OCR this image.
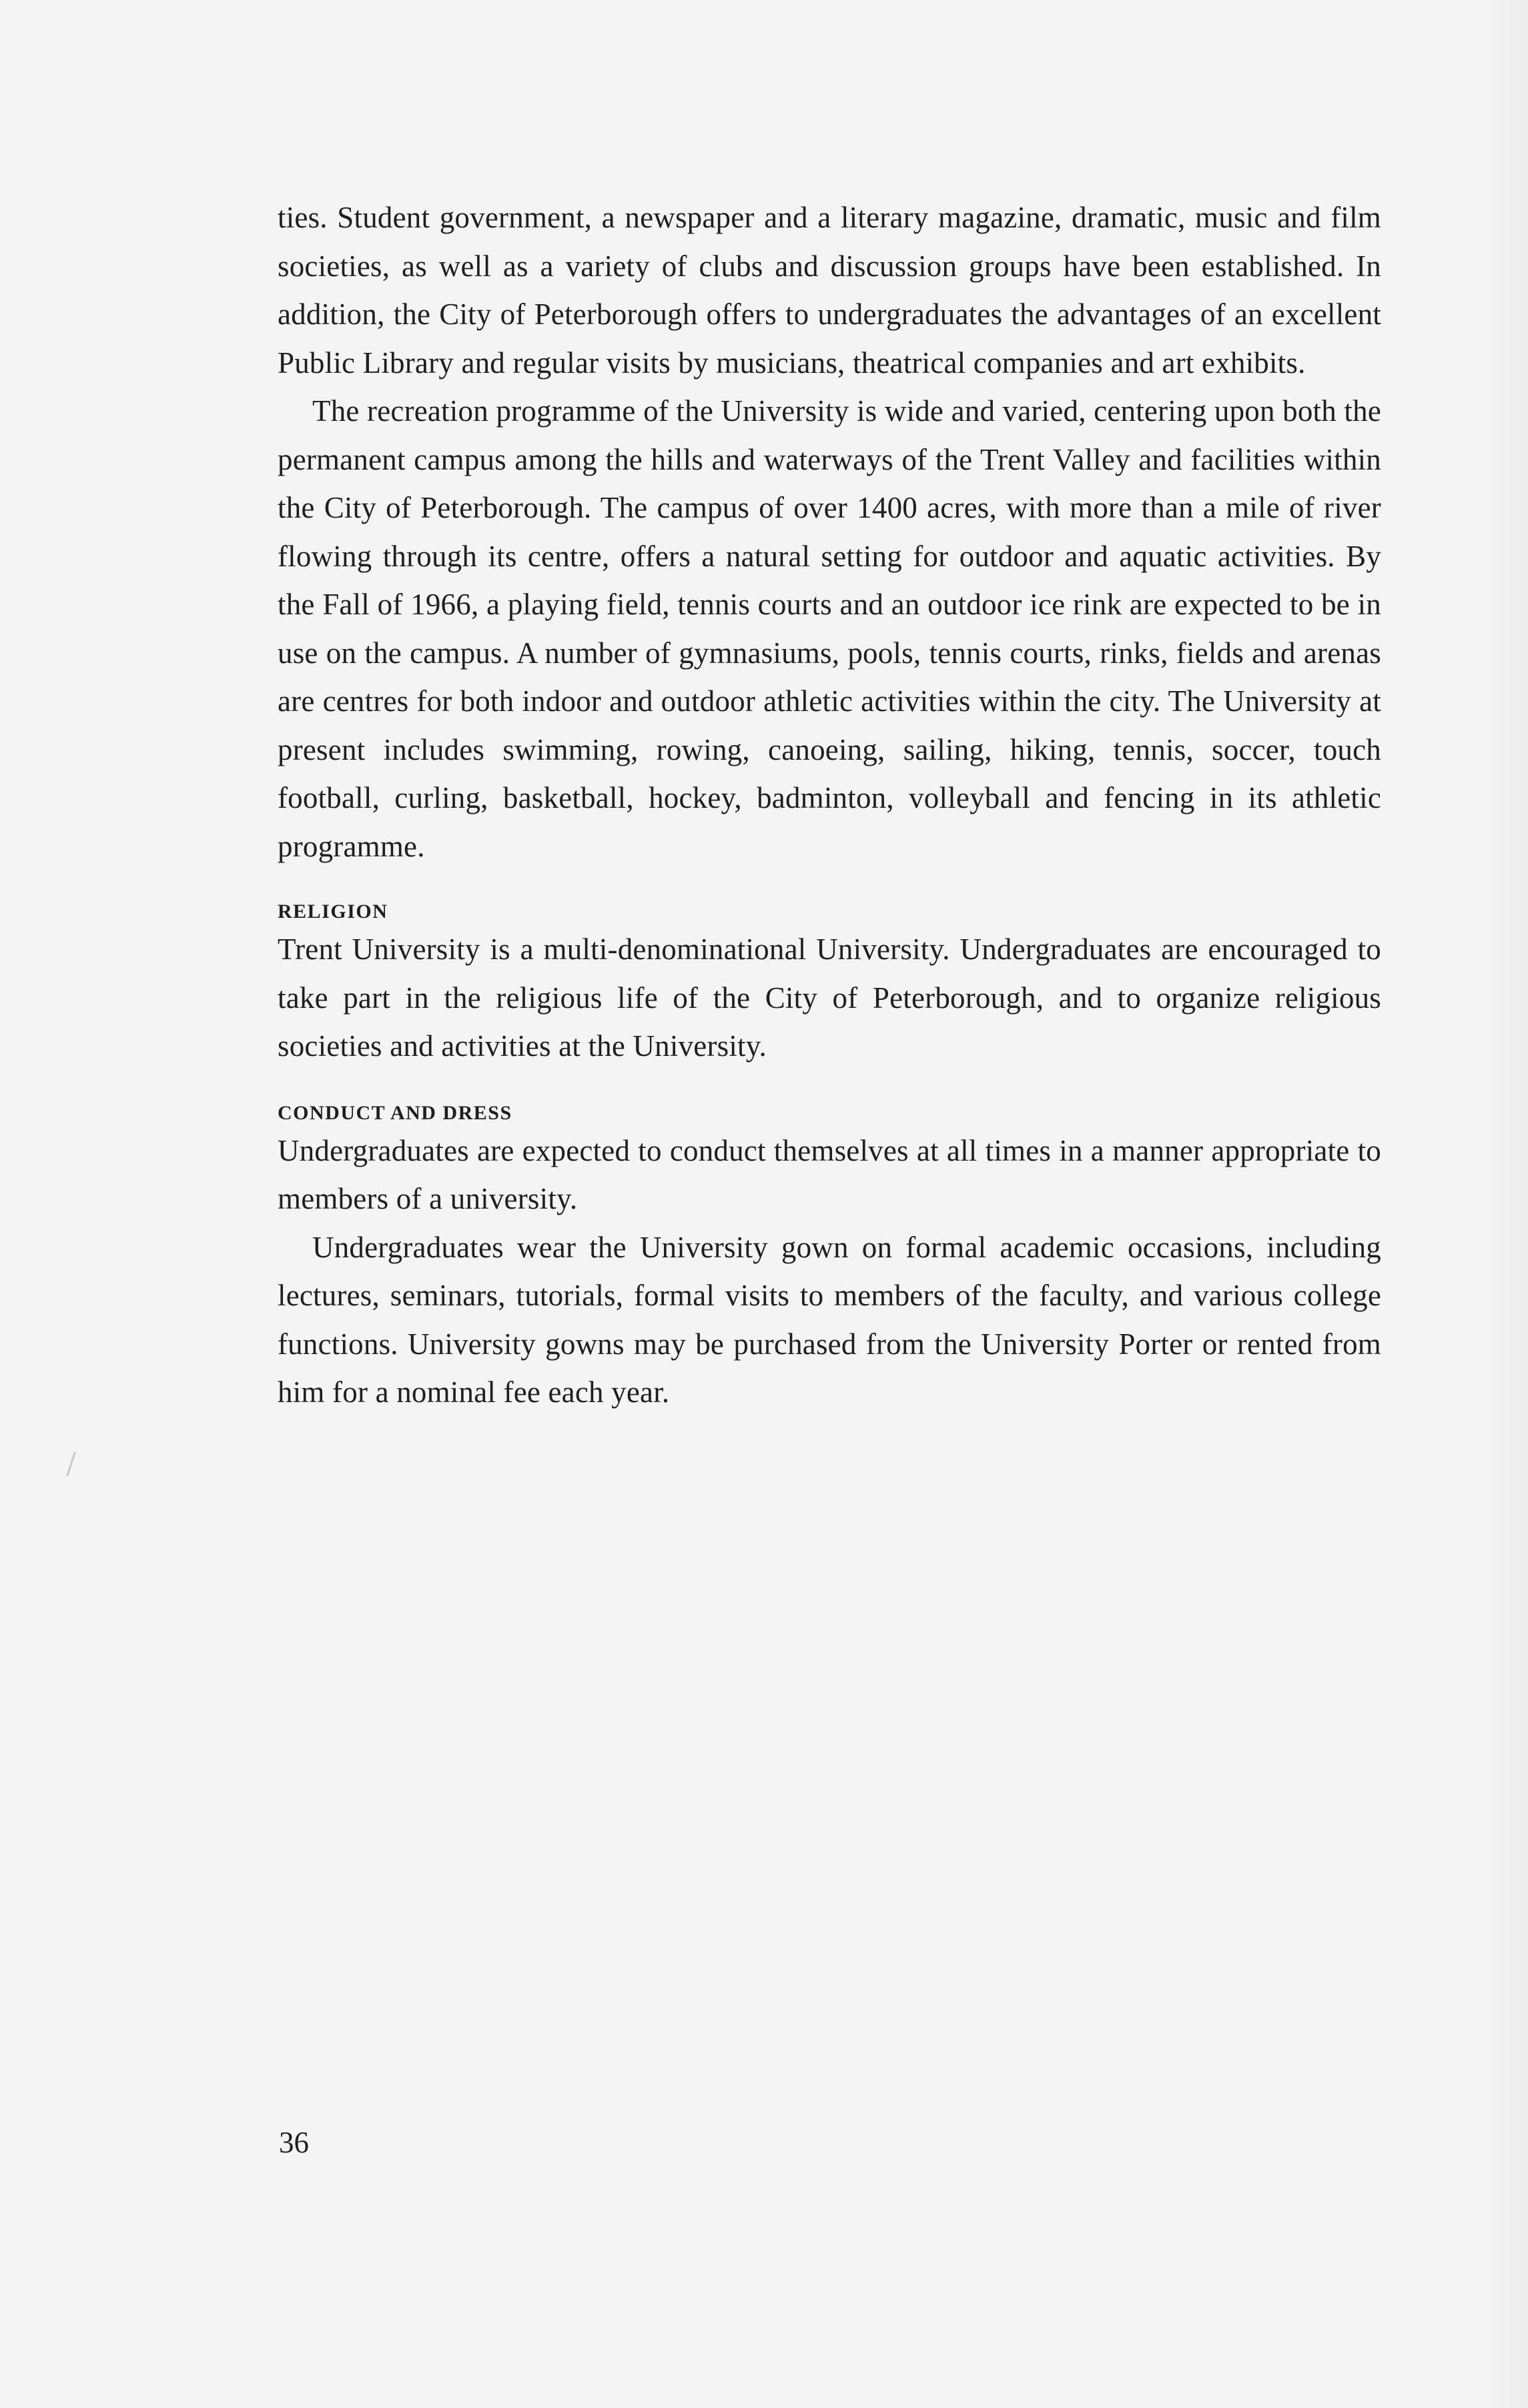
ties. Student government, a newspaper and a literary magazine, dramatic, music and film societies, as well as a variety of clubs and discussion groups have been established. In addition, the City of Peterborough offers to undergraduates the advantages of an excellent Public Library and regular visits by musicians, theatrical companies and art exhibits.

The recreation programme of the University is wide and varied, centering upon both the permanent campus among the hills and waterways of the Trent Valley and facilities within the City of Peterborough. The campus of over 1400 acres, with more than a mile of river flowing through its centre, offers a natural setting for outdoor and aquatic activities. By the Fall of 1966, a playing field, tennis courts and an outdoor ice rink are expected to be in use on the campus. A number of gymnasiums, pools, tennis courts, rinks, fields and arenas are centres for both indoor and outdoor athletic activities within the city. The University at present includes swimming, rowing, canoeing, sailing, hiking, tennis, soccer, touch football, curling, basketball, hockey, badminton, volleyball and fencing in its athletic programme.

RELIGION

Trent University is a multi-denominational University. Undergraduates are encouraged to take part in the religious life of the City of Peterborough, and to organize religious societies and activities at the University.

CONDUCT AND DRESS

Undergraduates are expected to conduct themselves at all times in a manner appropriate to members of a university.

Undergraduates wear the University gown on formal academic occasions, including lectures, seminars, tutorials, formal visits to members of the faculty, and various college functions. University gowns may be purchased from the University Porter or rented from him for a nominal fee each year.

36
